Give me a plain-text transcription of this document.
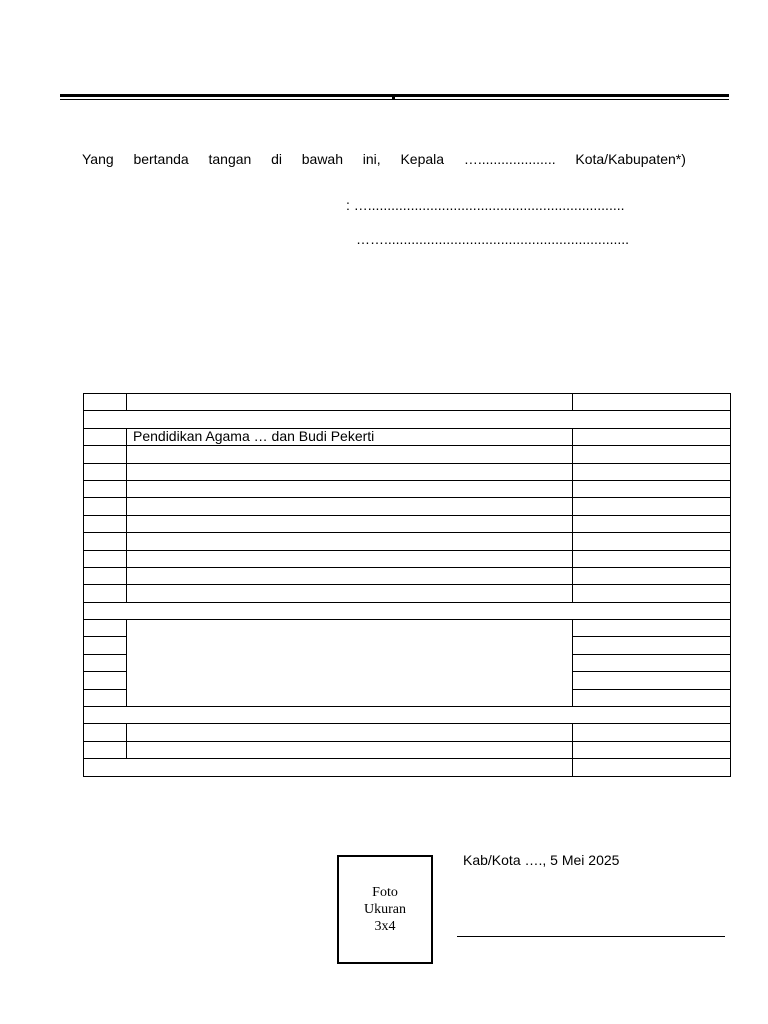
Yang bertanda tangan di bawah ini, Kepala ….................... Kota/Kabupaten*)
: …..................................................................
……...............................................................

	Pendidikan Agama … dan Budi Pekerti	

Foto
Ukuran
3x4
Kab/Kota …., 5 Mei 2025
